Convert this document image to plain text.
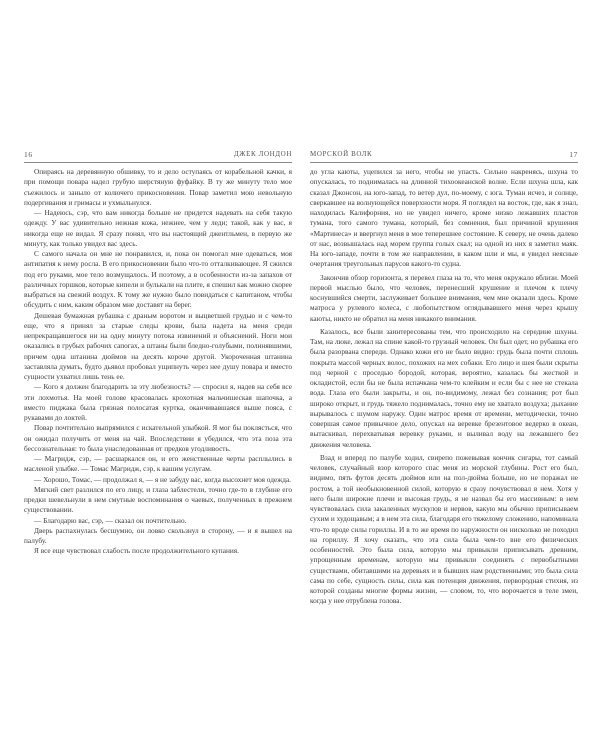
16	ДЖЕК ЛОНДОН

Опираясь на деревянную обшивку, то и дело оступаясь от корабельной качки, я при помощи повара надел грубую шерстяную фуфайку. В ту же минуту тело мое съежилось и заныло от колючего прикосновения. Повар заметил мою невольную подергивания и гримасы и ухмыльнулся.

— Надеюсь, сэр, что вам никогда больше не придется надевать на себя такую одежду. У вас удивительно нежная кожа, нежнее, чем у леди; такой, как у вас, я никогда еще не видал. Я сразу понял, что вы настоящий джентльмен, в первую же минуту, как только увидел вас здесь.

С самого начала он мне не понравился, и, пока он помогал мне одеваться, моя антипатия к нему росла. В его прикосновении было что-то отталкивающее. Я сжился под его руками, мое тело возмущалось. И поэтому, а в особенности из-за запахов от различных горшков, которые кипели и булькали на плите, я спешил как можно скорее выбраться на свежий воздух. К тому же нужно было повидаться с капитаном, чтобы обсудить с ним, каким образом мне доставят на берег.

Дешевая бумажная рубашка с драным воротом и выцветшей грудью и с чем-то еще, что я принял за старые следы крови, была надета на меня среди непрекращавшегося ни на одну минуту потока извинений и объяснений. Ноги мои оказались в грубых рабочих сапогах, а штаны были бледно-голубыми, полинявшими, причем одна штанина дюймов на десять короче другой. Укороченная штанина заставляла думать, будто дьявол пробовал ущипнуть через нее душу повара и вместо сущности ухватил лишь тень ее.

— Кого я должен благодарить за эту любезность? — спросил я, надев на себя все эти лохмотья. На моей голове красовалась крохотная мальчишеская шапочка, а вместо пиджака была грязная полосатая куртка, оканчивавшаяся выше пояса, с рукавами до локтей.

Повар почтительно выпрямился с искательной улыбкой. Я мог бы поклясться, что он ожидал получить от меня на чай. Впоследствии я убедился, что эта поза эта бессознательная: то была унаследованная от предков угодливость.

— Магридж, сэр, — расшаркался он, и его женственные черты расплылись в масленой улыбке. — Томас Магридж, сэр, к вашим услугам.

— Хорошо, Томас, — продолжал я, — я не забуду вас, когда высохнет моя одежда.

Мягкий свет разлился по его лицу, и глаза заблестели, точно где-то в глубине его предки шевельнули в нем смутные воспоминания о чаевых, полученных в прежнем существовании.

— Благодарю вас, сэр, — сказал он почтительно.

Дверь распахнулась бесшумно, он ловко скользнул в сторону, — и я вышел на палубу.

Я все еще чувствовал слабость после продолжительного купания.

МОРСКОЙ ВОЛК	17

до угла каюты, уцепился за него, чтобы не упасть. Сильно накренясь, шхуна то опускалась, то поднималась на длинной тихоокеанской волне. Если шхуна шла, как сказал Джонсон, на юго-запад, то ветер дул, по-моему, с юга. Туман исчез, и солнце, сверкавшее на волнующейся поверхности моря. Я поглядел на восток, где, как я знал, находилась Калифорния, но не увидел ничего, кроме низко лежавших пластов тумана, того самого тумана, который, без сомнения, был причиной крушения «Мартинеса» и ввергнул меня в мое теперешнее состояние. К северу, не очень далеко от нас, возвышалась над морем группа голых скал; на одной из них я заметил маяк. На юго-западе, почти в том же направлении, в каком шли и мы, я увидел неясные очертания треугольных парусов какого-то судна.

Закончив обзор горизонта, я перевел глаза на то, что меня окружало вблизи. Моей первой мыслью было, что человек, перенесший крушение и плечом к плечу коснувшийся смерти, заслуживает большее внимания, чем мне оказали здесь. Кроме матроса у рулевого колеса, с любопытством оглядывавшего меня через крышу каюты, никто не обратил на меня никакого внимания.

Казалось, все были заинтересованы тем, что происходило на середине шхуны. Там, на люке, лежал на спине какой-то грузный человек. Он был одет, но рубашка его была разорвана спереди. Однако кожи его не было видно: грудь была почти сплошь покрыта массой черных волос, похожих на мех собаки. Его лицо и шея были скрыты под черной с проседью бородой, которая, вероятно, казалась бы жесткой и окладистой, если бы не была испачкана чем-то клейким и если бы с нее не стекала вода. Глаза его были закрыты, и он, по-видимому, лежал без сознания; рот был широко открыт, и грудь тяжело поднималась, точно ему не хватало воздуха; дыхание вырывалось с шумом наружу. Один матрос время от времени, методически, точно совершая самое привычное дело, опускал на веревке брезентовое ведерко в океан, вытаскивал, перехватывая веревку руками, и выливал воду на лежавшего без движения человека.

Взад и вперед по палубе ходил, свирепо пожевывая кончик сигары, тот самый человек, случайный взор которого спас меня из морской глубины. Рост его был, видимо, пять футов десять дюймов или на пол-дюйма больше, но не поражал не ростом, а той необыкновенной силой, которую я сразу почувствовал в нем. Хотя у него были широкие плечи и высокая грудь, я не назвал бы его массивным: в нем чувствовалась сила закаленных мускулов и нервов, какую мы обычно приписываем сухим и худощавым; а в нем эта сила, благодаря его тяжелому сложению, напоминала что-то вроде силы гориллы. И в то же время по наружности он нисколько не походил на гориллу. Я хочу сказать, что эта сила была чем-то вне его физических особенностей. Это была сила, которую мы привыкли приписывать древним, упрощенным временам, которую мы привыкли соединять с первобытными существами, обитавшими на деревьях и в бывших нам родственными; это была сила сама по себе, сущность силы, сила как потенция движения, первородная стихия, из которой созданы многие формы жизни, — словом, то, что ворочается в теле змеи, когда у нее отрублена голова.
